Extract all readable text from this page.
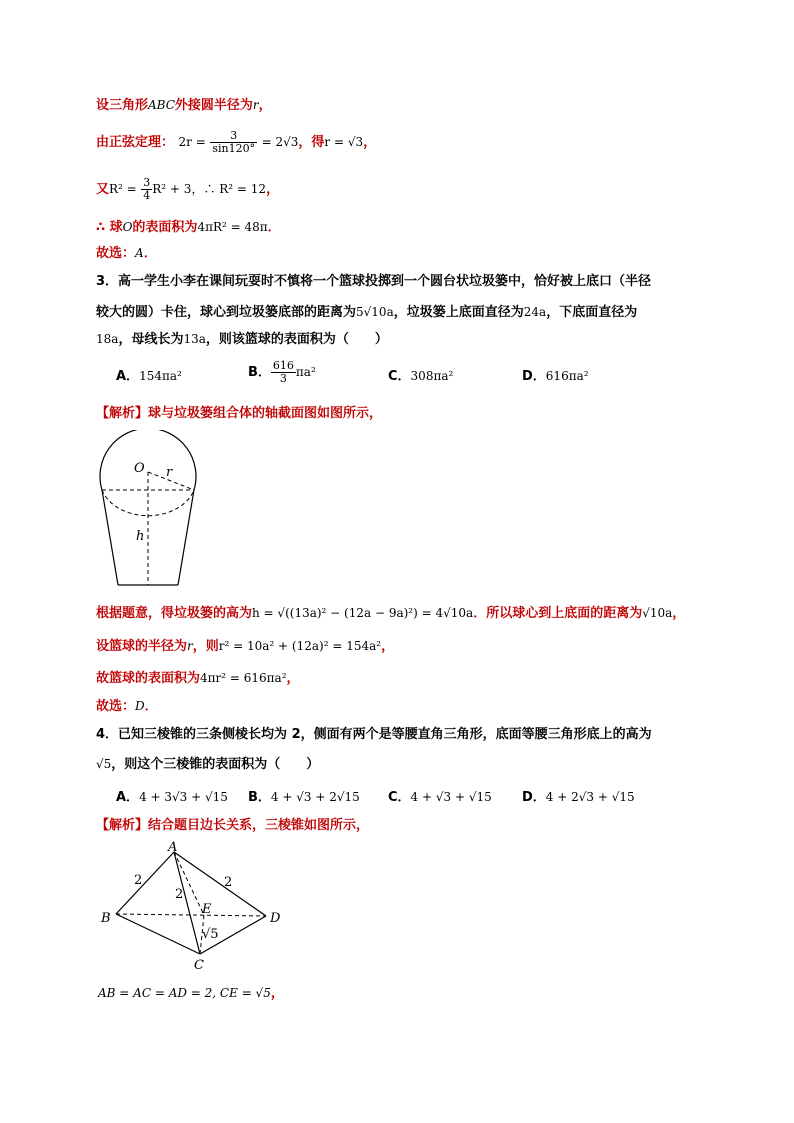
设三角形ABC外接圆半径为r，
由正弦定理： $2r = \frac{3}{\sin 120^\circ} = 2√3$，得r = √3，
又$R^2 = \frac{3}{4} R^2 + 3$，∴ R² = 12，
∴ 球O的表面积为4πR² = 48π．
故选：A．
3．高一学生小李在课间玩耍时不慎将一个篮球投掷到一个圆台状垃圾篓中，恰好被上底口（半径
较大的圆）卡住，球心到垃圾篓底部的距离为5√10a，垃圾篓上底面直径为24a，下底面直径为
18a，母线长为13a，则该篮球的表面积为（　　）
A．154πa²	B． $\frac{616}{3} \pi a^2$	C．308πa²	D．616πa²
【解析】球与垃圾篓组合体的轴截面图如图所示，
O r
h
根据题意，得垃圾篓的高为h = √((13a)² − (12a − 9a)²) = 4√10a．所以球心到上底面的距离为√10a，
设篮球的半径为r，则r² = 10a² + (12a)² = 154a²，
故篮球的表面积为4πr² = 616πa²，
故选：D．
4．已知三棱锥的三条侧棱长均为 2，侧面有两个是等腰直角三角形，底面等腰三角形底上的高为
√5，则这个三棱锥的表面积为（　　）
A．4 + 3√3 + √15 B．4 + √3 + 2√15 C．4 + √3 + √15 D．4 + 2√3 + √15
【解析】结合题目边长关系，三棱锥如图所示，
A
B
C
D
E
2
2
2
√5
AB = AC = AD = 2, CE = √5，
